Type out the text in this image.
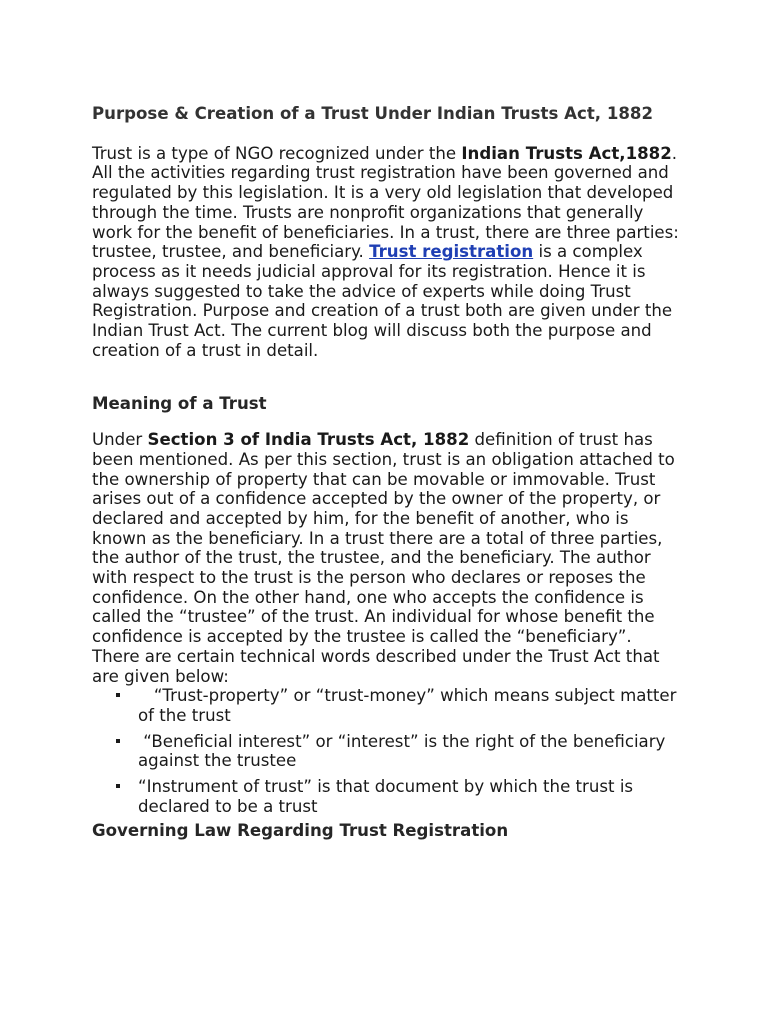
Purpose & Creation of a Trust Under Indian Trusts Act, 1882

Trust is a type of NGO recognized under the Indian Trusts Act,1882. All the activities regarding trust registration have been governed and regulated by this legislation. It is a very old legislation that developed through the time. Trusts are nonprofit organizations that generally work for the benefit of beneficiaries. In a trust, there are three parties: trustee, trustee, and beneficiary. Trust registration is a complex process as it needs judicial approval for its registration. Hence it is always suggested to take the advice of experts while doing Trust Registration. Purpose and creation of a trust both are given under the Indian Trust Act. The current blog will discuss both the purpose and creation of a trust in detail.

Meaning of a Trust

Under Section 3 of India Trusts Act, 1882 definition of trust has been mentioned. As per this section, trust is an obligation attached to the ownership of property that can be movable or immovable. Trust arises out of a confidence accepted by the owner of the property, or declared and accepted by him, for the benefit of another, who is known as the beneficiary. In a trust there are a total of three parties, the author of the trust, the trustee, and the beneficiary. The author with respect to the trust is the person who declares or reposes the confidence. On the other hand, one who accepts the confidence is called the “trustee” of the trust. An individual for whose benefit the confidence is accepted by the trustee is called the “beneficiary”. There are certain technical words described under the Trust Act that are given below:

“Trust-property” or “trust-money” which means subject matter of the trust
“Beneficial interest” or “interest” is the right of the beneficiary against the trustee
“Instrument of trust” is that document by which the trust is declared to be a trust
Governing Law Regarding Trust Registration
